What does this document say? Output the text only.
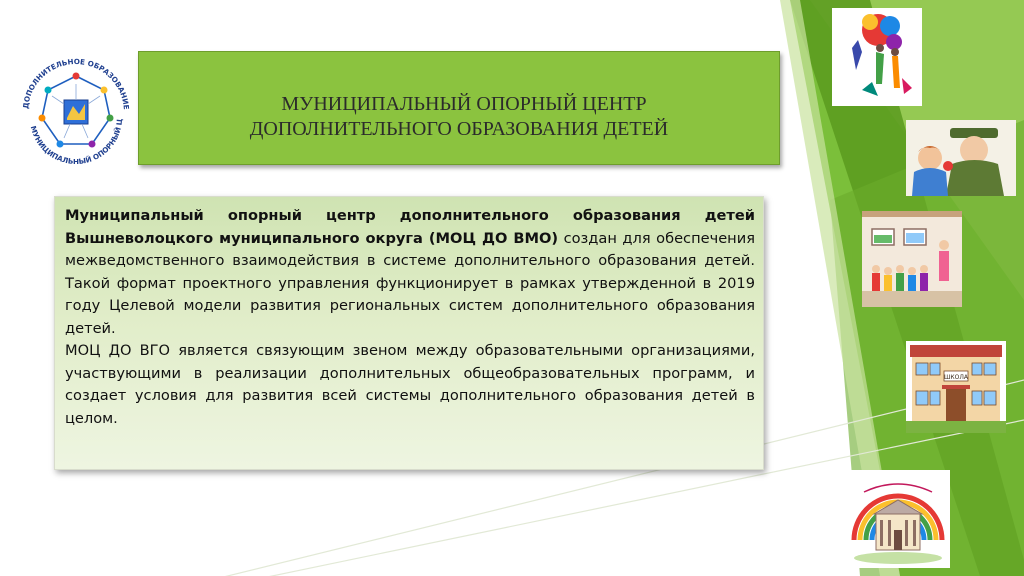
ДОПОЛНИТЕЛЬНОЕ ОБРАЗОВАНИЕ
МУНИЦИПАЛЬНЫЙ ОПОРНЫЙ Ц
МУНИЦИПАЛЬНЫЙ ОПОРНЫЙ ЦЕНТР
ДОПОЛНИТЕЛЬНОГО ОБРАЗОВАНИЯ ДЕТЕЙ

Муниципальный опорный центр дополнительного образования детей Вышневолоцкого муниципального округа (МОЦ ДО ВМО) создан для обеспечения межведомственного взаимодействия в системе дополнительного образования детей. Такой формат проектного управления функционирует в рамках утвержденной в 2019 году Целевой модели развития региональных систем дополнительного образования детей.

МОЦ ДО ВГО является связующим звеном между образовательными организациями, участвующими в реализации дополнительных общеобразовательных программ, и создает условия для развития всей системы дополнительного образования детей в целом.

ШКОЛА
